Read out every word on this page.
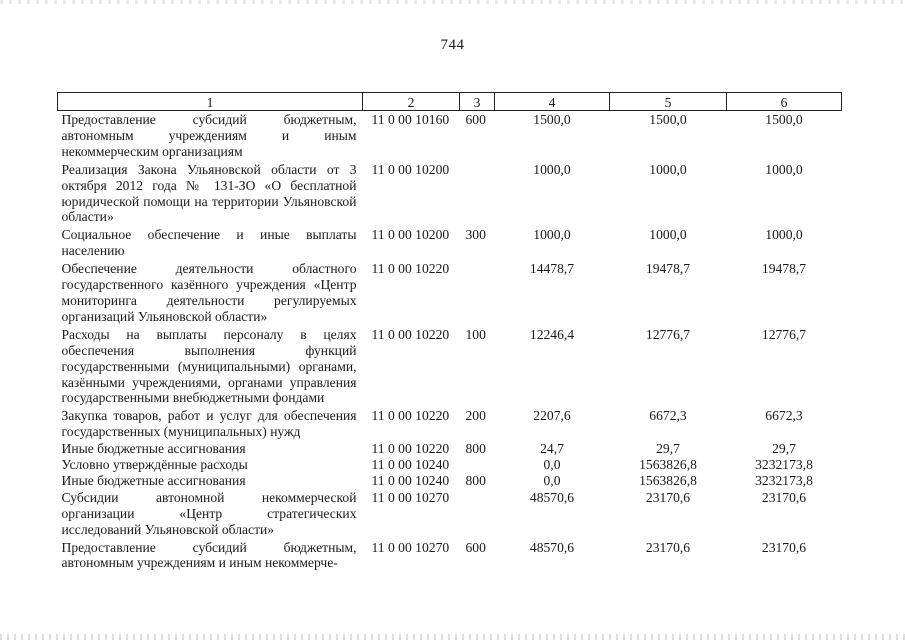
744
1	2	3	4	5	6
Предоставление субсидий бюджетным, автономным учреждениям и иным некоммерческим организациям	11 0 00 10160	600	1500,0	1500,0	1500,0
Реализация Закона Ульяновской области от 3 октября 2012 года № 131-ЗО «О бесплатной юридической помощи на территории Ульяновской области»	11 0 00 10200		1000,0	1000,0	1000,0
Социальное обеспечение и иные выплаты населению	11 0 00 10200	300	1000,0	1000,0	1000,0
Обеспечение деятельности областного государственного казённого учреждения «Центр мониторинга деятельности регулируемых организаций Ульяновской области»	11 0 00 10220		14478,7	19478,7	19478,7
Расходы на выплаты персоналу в целях обеспечения выполнения функций государственными (муниципальными) органами, казёнными учреждениями, органами управления государственными внебюджетными фондами	11 0 00 10220	100	12246,4	12776,7	12776,7
Закупка товаров, работ и услуг для обеспечения государственных (муниципальных) нужд	11 0 00 10220	200	2207,6	6672,3	6672,3
Иные бюджетные ассигнования	11 0 00 10220	800	24,7	29,7	29,7
Условно утверждённые расходы	11 0 00 10240		0,0	1563826,8	3232173,8
Иные бюджетные ассигнования	11 0 00 10240	800	0,0	1563826,8	3232173,8
Субсидии автономной некоммерческой организации «Центр стратегических исследований Ульяновской области»	11 0 00 10270		48570,6	23170,6	23170,6
Предоставление субсидий бюджетным, автономным учреждениям и иным некоммерче-	11 0 00 10270	600	48570,6	23170,6	23170,6
